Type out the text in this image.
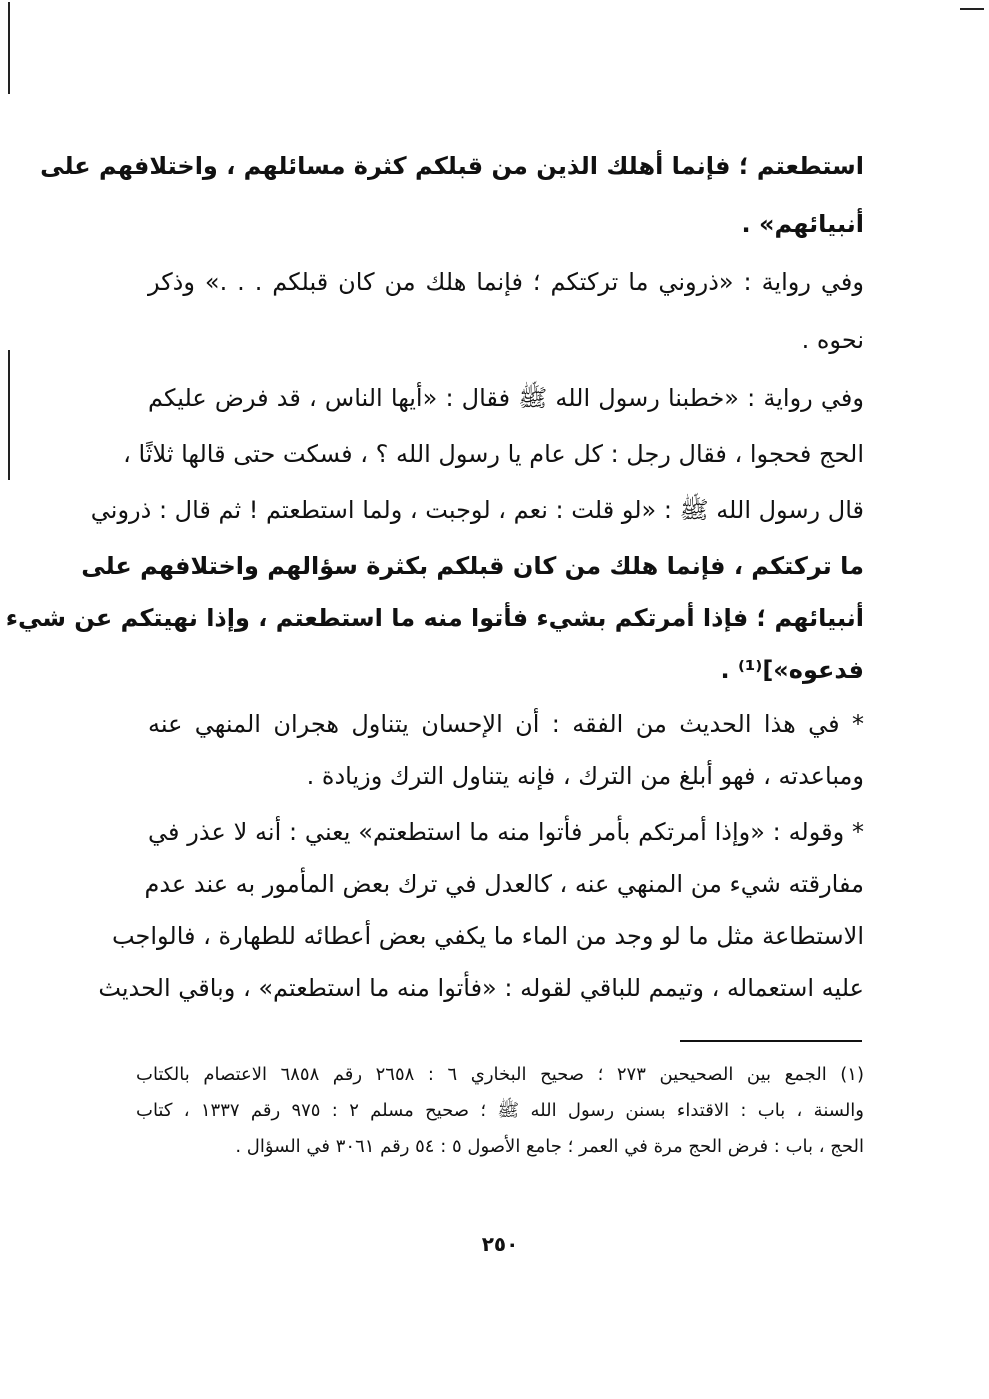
استطعتم ؛ فإنما أهلك الذين من قبلكم كثرة مسائلهم ، واختلافهم على
أنبيائهم» .
وفي رواية : «ذروني ما تركتكم ؛ فإنما هلك من كان قبلكم . . .» وذكر
نحوه .
وفي رواية : «خطبنا رسول الله ﷺ فقال : «أيها الناس ، قد فرض عليكم
الحج فحجوا ، فقال رجل : كل عام يا رسول الله ؟ ، فسكت حتى قالها ثلاثًا ،
قال رسول الله ﷺ : «لو قلت : نعم ، لوجبت ، ولما استطعتم ! ثم قال : ذروني
ما تركتكم ، فإنما هلك من كان قبلكم بكثرة سؤالهم واختلافهم على
أنبيائهم ؛ فإذا أمرتكم بشيء فأتوا منه ما استطعتم ، وإذا نهيتكم عن شيء
فدعوه»]⁽¹⁾ .
* في هذا الحديث من الفقه : أن الإحسان يتناول هجران المنهي عنه
ومباعدته ، فهو أبلغ من الترك ، فإنه يتناول الترك وزيادة .
* وقوله : «وإذا أمرتكم بأمر فأتوا منه ما استطعتم» يعني : أنه لا عذر في
مفارقته شيء من المنهي عنه ، كالعدل في ترك بعض المأمور به عند عدم
الاستطاعة مثل ما لو وجد من الماء ما يكفي بعض أعطائه للطهارة ، فالواجب
عليه استعماله ، وتيمم للباقي لقوله : «فأتوا منه ما استطعتم» ، وباقي الحديث
(١) الجمع بين الصحيحين ٢٧٣ ؛ صحيح البخاري ٦ : ٢٦٥٨ رقم ٦٨٥٨ الاعتصام بالكتاب
والسنة ، باب : الاقتداء بسنن رسول الله ﷺ ؛ صحيح مسلم ٢ : ٩٧٥ رقم ١٣٣٧ ، كتاب
الحج ، باب : فرض الحج مرة في العمر ؛ جامع الأصول ٥ : ٥٤ رقم ٣٠٦١ في السؤال .
٢٥٠
